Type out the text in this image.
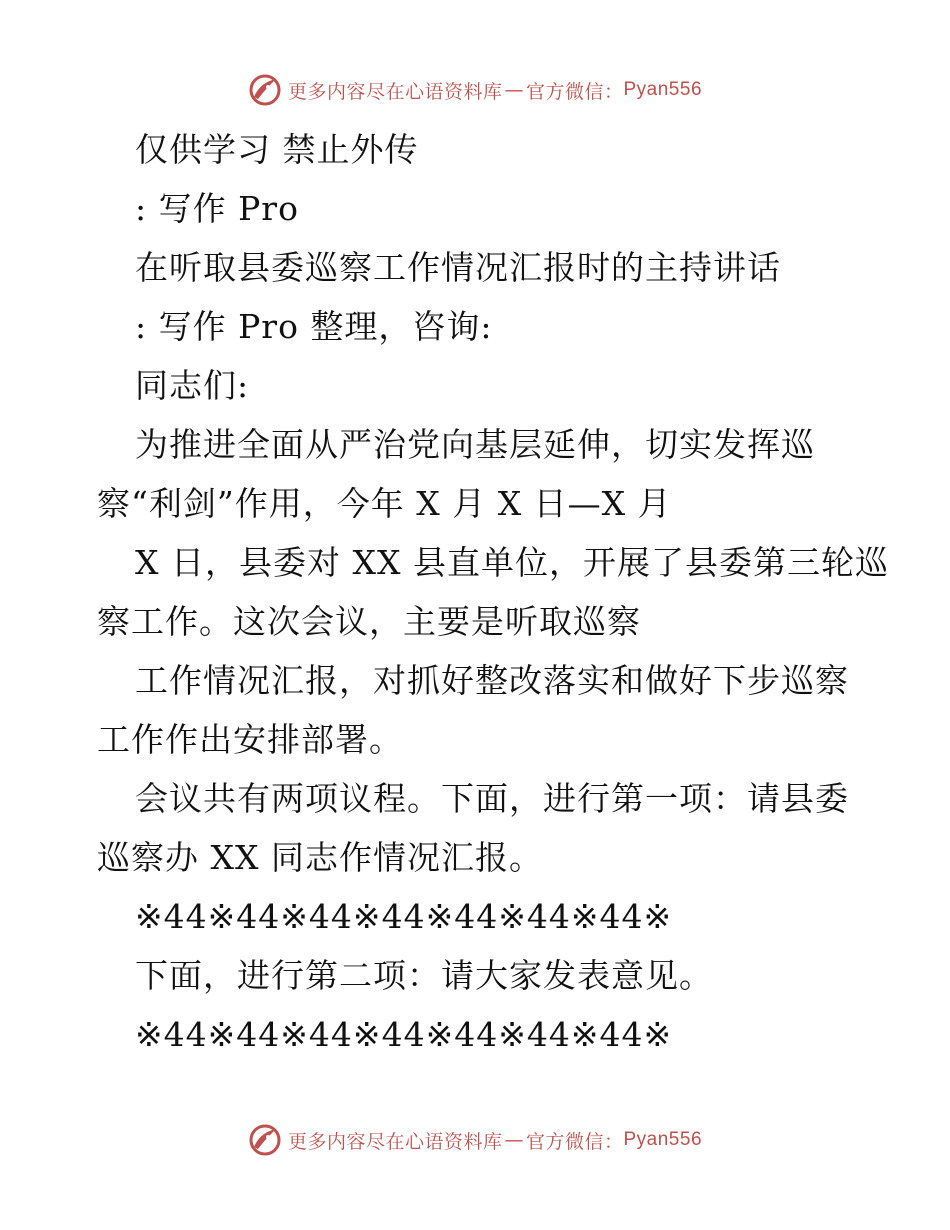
更多内容尽在心语资料库 — 官方微信： Pyan556
仅供学习 禁止外传
: 写作 Pro
在听取县委巡察工作情况汇报时的主持讲话
: 写作 Pro 整理，咨询:
同志们:
为推进全面从严治党向基层延伸，切实发挥巡
察“利剑”作用，今年 X 月 X 日—X 月
X 日，县委对 XX 县直单位，开展了县委第三轮巡
察工作。这次会议，主要是听取巡察
工作情况汇报，对抓好整改落实和做好下步巡察
工作作出安排部署。
会议共有两项议程。下面，进行第一项：请县委
巡察办 XX 同志作情况汇报。
※44※44※44※44※44※44※44※
下面，进行第二项：请大家发表意见。
※44※44※44※44※44※44※44※
更多内容尽在心语资料库 — 官方微信： Pyan556
